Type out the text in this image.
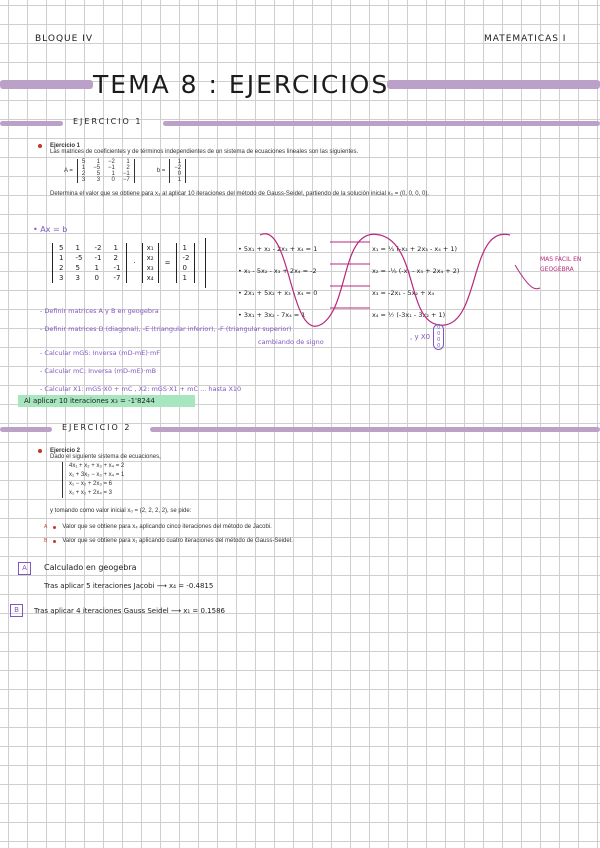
BLOQUE IV	MATEMATICAS I
TEMA 8 : EJERCICIOS
EJERCICIO 1
Ejercicio 1
Las matrices de coeficientes y de términos independientes de un sistema de ecuaciones lineales son las siguientes.
A =
5	1	−2	1
1	−5	−1	2
2	5	1	−1
3	3	0	−7
b =
1
−2
0
1
Determina el valor que se obtiene para x₃ al aplicar 10 iteraciones del método de Gauss-Seidel, partiendo de la solución inicial x₀ = (0, 0, 0, 0).
• Ax = b
5	1	-2	1
1	-5	-1	2
2	5	1	-1
3	3	0	-7
·
x₁
x₂
x₃
x₄
=
1
-2
0
1
• 5x₁ + x₂ - 2x₃ + x₄ = 1
• x₁ - 5x₂ - x₃ + 2x₄ = -2
• 2x₁ + 5x₂ + x₃ - x₄ = 0
• 3x₁ + 3x₂ - 7x₄ = 1
x₁ = ⅕ (-x₂ + 2x₃ - x₄ + 1)
x₂ = -⅕ (-x₁ - x₃ + 2x₄ + 2)
x₃ = -2x₁ - 5x₂ + x₄
x₄ = ⅐ (-3x₁ - 3x₂ + 1)
MAS FACIL EN GEOGEBRA
- Definir matrices A y B en geogebra
- Definir matrices D (diagonal), -E (triangular inferior), -F (triangular superior)
- Calcular mGS: Inversa (mD-mE)·mF
- Calcular mC: Inversa (mD-mE)·mB
- Calcular X1: mGS·X0 + mC , X2: mGS·X1 + mC ... hasta X10
cambiando de signo
, y X0
0
0
0
0
Al aplicar 10 iteraciones x₃ = -1'8244
EJERCICIO 2
Ejercicio 2
Dado el siguiente sistema de ecuaciones,
4x₁ + x₂ + x₃ + x₄ = 2
x₁ + 3x₂ − x₃ + x₄ = 1
x₁ − x₂ + 2x₃ = 6
x₁ + x₂ + 2x₄ = 3
y tomando como valor inicial x₀ = (2, 2, 2, 2), se pide:
A	Valor que se obtiene para x₄ aplicando cinco iteraciones del método de Jacobi.
B	Valor que se obtiene para x₁ aplicando cuatro iteraciones del método de Gauss-Seidel.
A	Calculado en geogebra
Tras aplicar 5 iteraciones Jacobi ⟶ x₄ = -0.4815
B	Tras aplicar 4 iteraciones Gauss Seidel ⟶ x₁ = 0.1586
